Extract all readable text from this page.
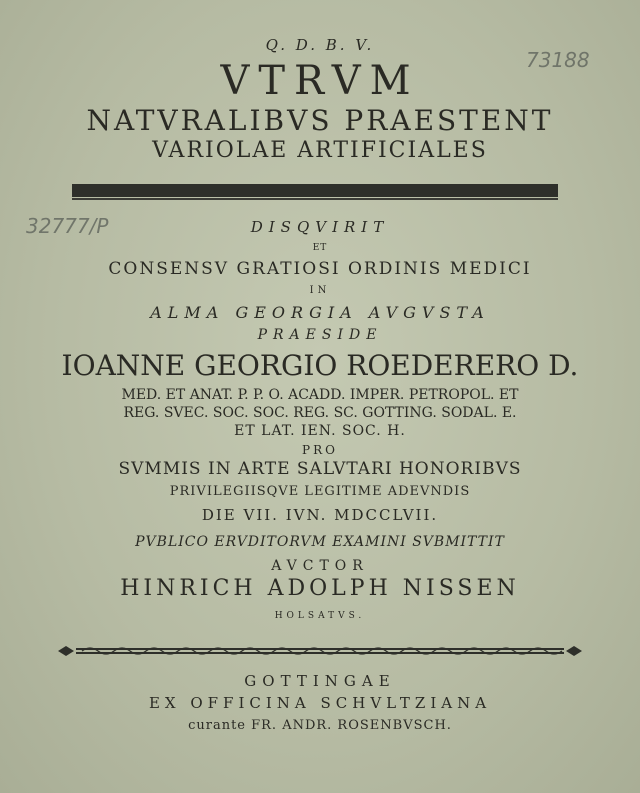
73188
32777/P
Q. D. B. V.
VTRVM
NATVRALIBVS PRAESTENT
VARIOLAE ARTIFICIALES
DISQVIRIT
ET
CONSENSV GRATIOSI ORDINIS MEDICI
IN
ALMA GEORGIA AVGVSTA
PRAESIDE
IOANNE GEORGIO ROEDERERO D.
MED. ET ANAT. P. P. O. ACADD. IMPER. PETROPOL. ET
REG. SVEC. SOC. SOC. REG. SC. GOTTING. SODAL. E.
ET LAT. IEN. SOC. H.
PRO
SVMMIS IN ARTE SALVTARI HONORIBVS
PRIVILEGIISQVE LEGITIME ADEVNDIS
DIE VII. IVN. MDCCLVII.
PVBLICO ERVDITORVM EXAMINI SVBMITTIT
AVCTOR
HINRICH ADOLPH NISSEN
HOLSATVS.
GOTTINGAE
EX OFFICINA SCHVLTZIANA
curante FR. ANDR. ROSENBVSCH.
